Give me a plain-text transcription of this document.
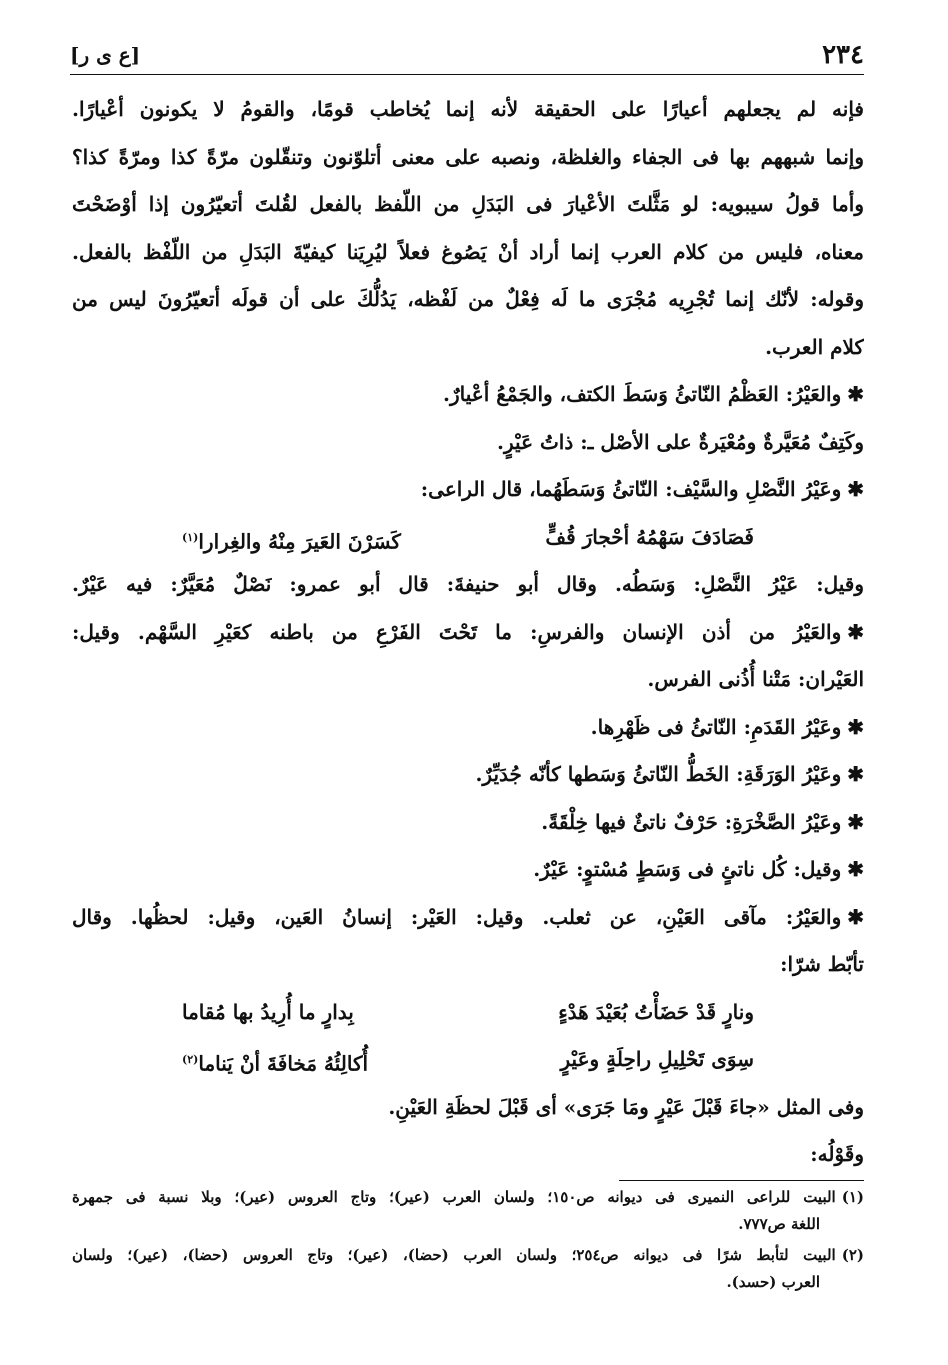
٢٣٤
[ع ى ر]
فإنه لم يجعلهم أعيارًا على الحقيقة لأنه إنما يُخاطب قومًا، والقومُ لا يكونون أعْيارًا.
وإنما شبههم بها فى الجفاء والغلظة، ونصبه على معنى أتلوّنون وتنقّلون مرّةً كذا ومرّةً كذا؟
وأما قولُ سيبويه: لو مَثَّلتَ الأعْيارَ فى البَدَلِ من اللّفظ بالفعل لقُلتَ أتعيّرُون إذا أوْضَحْتَ
معناه، فليس من كلام العرب إنما أراد أنْ يَصُوغ فعلاً ليُرِيَنا كيفيّةَ البَدَلِ من اللّفْظ بالفعل.
وقوله: لأنّك إنما تُجْرِيه مُجْرَى ما لَه فِعْلٌ من لَفْظه، يَدُلُّكَ على أن قولَه أتعيّرُونَ ليس من
كلام العرب.
✱والعَيْرُ: العَظْمُ النّاتئُ وَسَطَ الكتف، والجَمْعُ أعْيارٌ.
وكَتِفٌ مُعَيَّرةٌ ومُعْيَرةٌ على الأصْل ـ: ذاتُ عَيْرٍ.
✱وعَيْرُ النَّصْلِ والسَّيْف: النّاتئُ وَسَطَهُما، قال الراعى:
فَصَادَفَ سَهْمُهُ أحْجارَ قُفٍّ
كَسَرْنَ العَيرَ مِنْهُ والغِرارا$^{(١)}$
وقيل: عَيْرُ النَّصْلِ: وَسَطُه. وقال أبو حنيفةَ: قال أبو عمرو: نَصْلٌ مُعَيَّرٌ: فيه عَيْرٌ.
✱والعَيْرُ من أذن الإنسان والفرسِ: ما تَحْتَ الفَرْعِ من باطنه كعَيْرِ السَّهْم. وقيل:
العَيْران: مَتْنا أُذُنى الفرس.
✱وعَيْرُ القَدَمِ: النّاتئُ فى ظَهْرِها.
✱وعَيْرُ الوَرَقَةِ: الخَطُّ النّاتئُ وَسَطها كأنّه جُدَيِّرٌ.
✱وعَيْرُ الصَّخْرَةِ: حَرْفٌ ناتئٌ فيها خِلْقَةً.
✱وقيل: كُل ناتئٍ فى وَسَطٍ مُسْتوٍ: عَيْرٌ.
✱والعَيْرُ: مآقى العَيْنِ، عن ثعلب. وقيل: العَيْر: إنسانُ العَين، وقيل: لحظُها. وقال
تأبّط شرّا:
ونارٍ قَدْ حَضَأْتُ بُعَيْدَ هَدْءٍ
بِدارٍ ما أُرِيدُ بها مُقاما
سِوَى تَحْلِيلِ راحِلَةٍ وعَيْرٍ
أُكالِئُهُ مَخافَةَ أنْ يَناما$^{(٢)}$
وفى المثل «جاءَ قَبْلَ عَيْرٍ ومَا جَرَى» أى قَبْلَ لحظَةِ العَيْنِ.
وقَوْلُه:
(١)البيت للراعى النميرى فى ديوانه ص١٥٠؛ ولسان العرب (عير)؛ وتاج العروس (عير)؛ وبلا نسبة فى جمهرة
اللغة ص٧٧٧.
(٢)البيت لتأبط شرًا فى ديوانه ص٢٥٤؛ ولسان العرب (حضا)، (عير)؛ وتاج العروس (حضا)، (عير)؛ ولسان
العرب (حسد).
